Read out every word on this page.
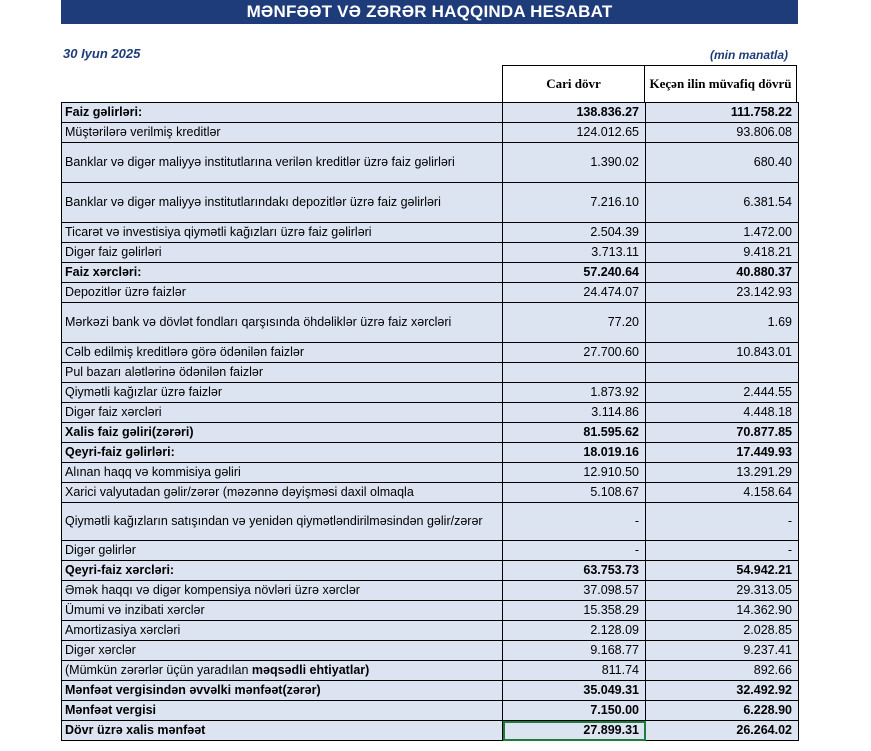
MƏNFƏƏT VƏ ZƏRƏR HAQQINDA HESABAT
30 Iyun 2025	(min manatla)
Cari dövr	Keçən ilin müvafiq dövrü
Faiz gəlirləri:	138.836.27	111.758.22
Müştərilərə verilmiş kreditlər	124.012.65	93.806.08
Banklar və digər maliyyə institutlarına verilən kreditlər üzrə faiz gəlirləri	1.390.02	680.40
Banklar və digər maliyyə institutlarındakı depozitlər üzrə faiz gəlirləri	7.216.10	6.381.54
Ticarət və investisiya qiymətli kağızları üzrə faiz gəlirləri	2.504.39	1.472.00
Digər faiz gəlirləri	3.713.11	9.418.21
Faiz xərcləri:	57.240.64	40.880.37
Depozitlər üzrə faizlər	24.474.07	23.142.93
Mərkəzi bank və dövlət fondları qarşısında öhdəliklər üzrə faiz xərcləri	77.20	1.69
Cəlb edilmiş kreditlərə görə ödənilən faizlər	27.700.60	10.843.01
Pul bazarı alətlərinə ödənilən faizlər		
Qiymətli kağızlar üzrə faizlər	1.873.92	2.444.55
Digər faiz xərcləri	3.114.86	4.448.18
Xalis faiz gəliri(zərəri)	81.595.62	70.877.85
Qeyri-faiz gəlirləri:	18.019.16	17.449.93
Alınan haqq və kommisiya gəliri	12.910.50	13.291.29
Xarici valyutadan gəlir/zərər (məzənnə dəyişməsi daxil olmaqla	5.108.67	4.158.64
Qiymətli kağızların satışından və yenidən qiymətləndirilməsindən gəlir/zərər	-	-
Digər gəlirlər	-	-
Qeyri-faiz xərcləri:	63.753.73	54.942.21
Əmək haqqı və digər kompensiya növləri üzrə xərclər	37.098.57	29.313.05
Ümumi və inzibati xərclər	15.358.29	14.362.90
Amortizasiya xərcləri	2.128.09	2.028.85
Digər xərclər	9.168.77	9.237.41
(Mümkün zərərlər üçün yaradılan məqsədli ehtiyatlar)	811.74	892.66
Mənfəət vergisindən əvvəlki mənfəət(zərər)	35.049.31	32.492.92
Mənfəət vergisi	7.150.00	6.228.90
Dövr üzrə xalis mənfəət	27.899.31	26.264.02
